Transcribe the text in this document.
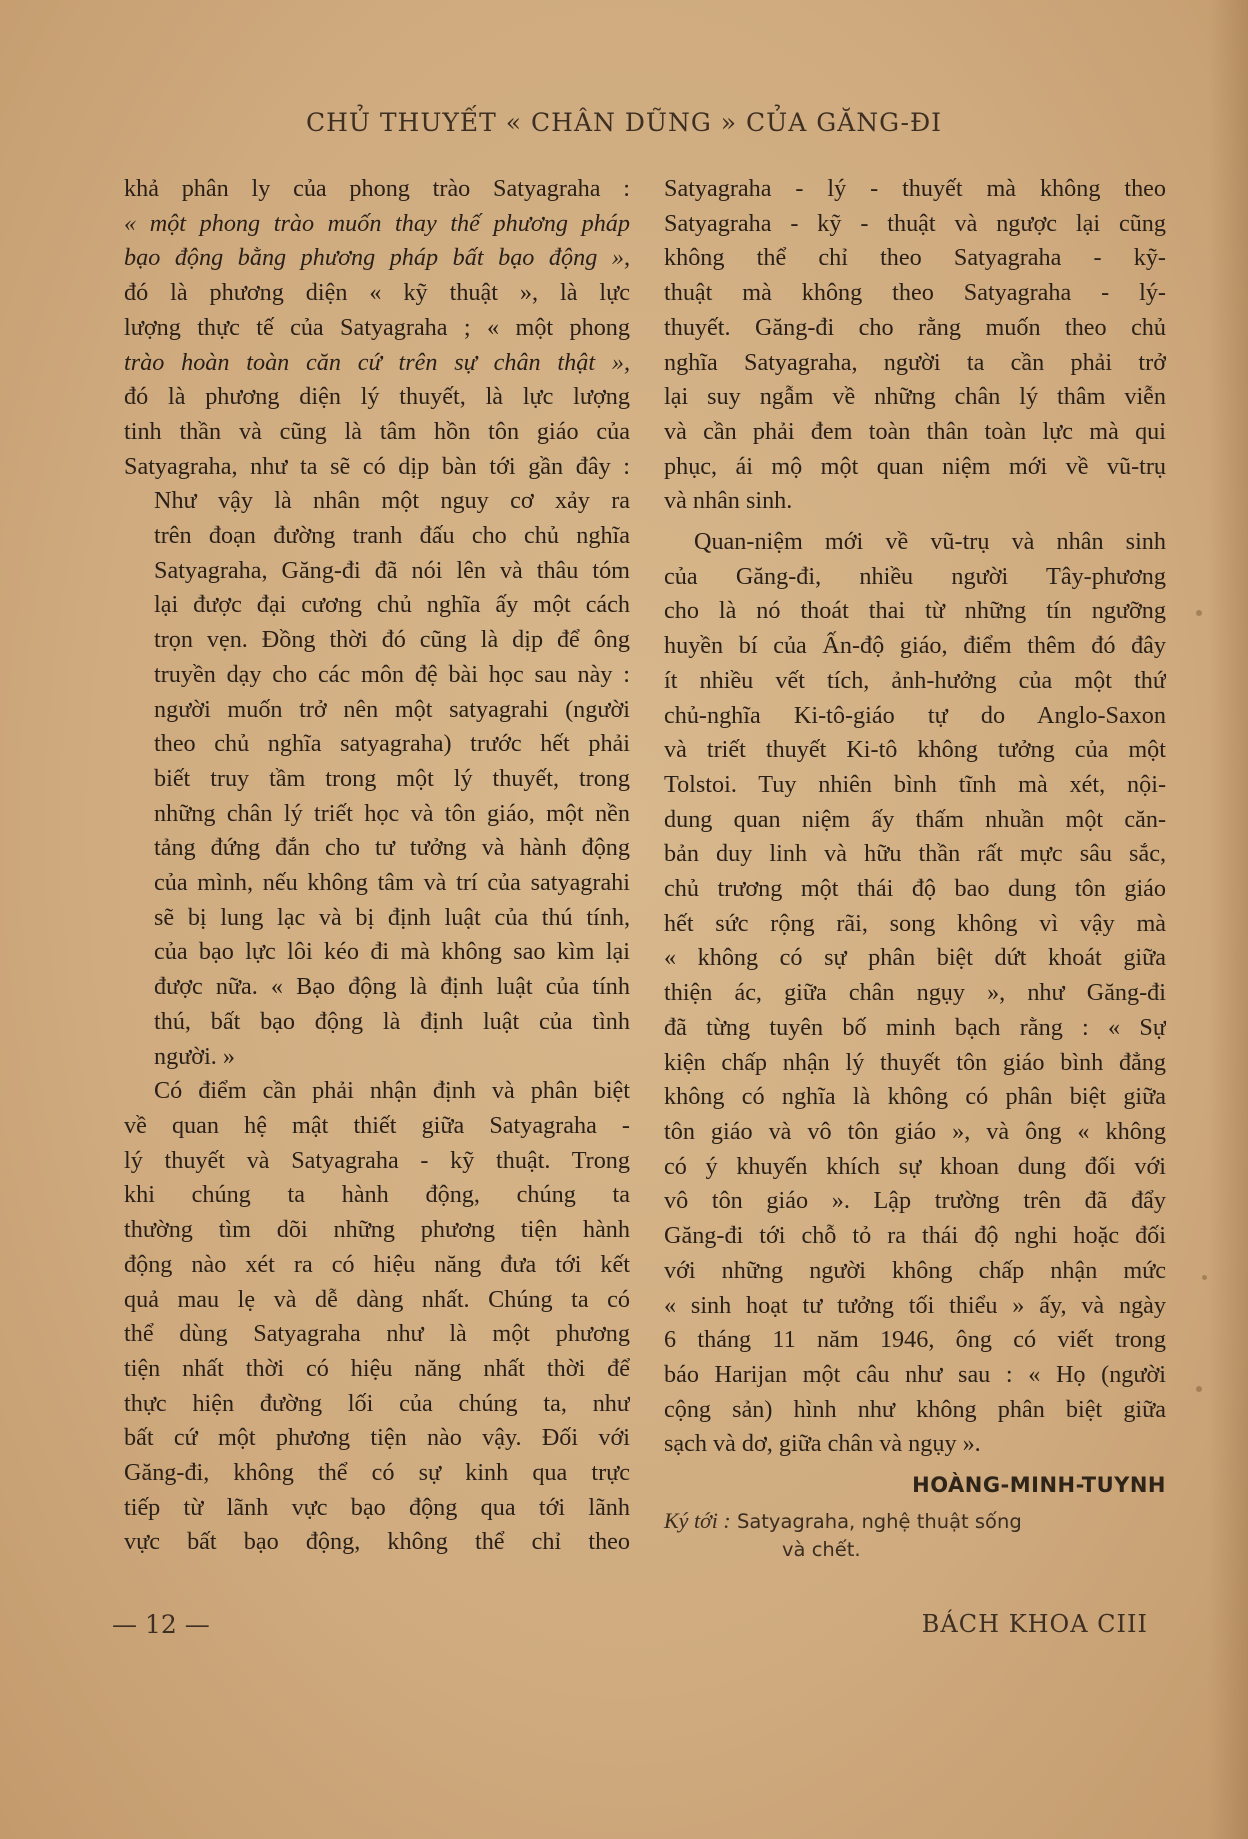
CHỦ THUYẾT « CHÂN DŨNG » CỦA GĂNG-ĐI

khả phân ly của phong trào Satyagraha :
« một phong trào muốn thay thế phương pháp
bạo động bằng phương pháp bất bạo động »,
đó là phương diện « kỹ thuật », là lực
lượng thực tế của Satyagraha ; « một phong
trào hoàn toàn căn cứ trên sự chân thật »,
đó là phương diện lý thuyết, là lực lượng
tinh thần và cũng là tâm hồn tôn giáo của
Satyagraha, như ta sẽ có dịp bàn tới gần đây :

Như vậy là nhân một nguy cơ xảy ra
trên đoạn đường tranh đấu cho chủ nghĩa
Satyagraha, Găng-đi đã nói lên và thâu tóm
lại được đại cương chủ nghĩa ấy một cách
trọn vẹn. Đồng thời đó cũng là dịp để ông
truyền dạy cho các môn đệ bài học sau này :
người muốn trở nên một satyagrahi (người
theo chủ nghĩa satyagraha) trước hết phải
biết truy tầm trong một lý thuyết, trong
những chân lý triết học và tôn giáo, một nền
tảng đứng đắn cho tư tưởng và hành động
của mình, nếu không tâm và trí của satyagrahi
sẽ bị lung lạc và bị định luật của thú tính,
của bạo lực lôi kéo đi mà không sao kìm lại
được nữa. « Bạo động là định luật của tính
thú, bất bạo động là định luật của tình
người. »

Có điểm cần phải nhận định và phân biệt
về quan hệ mật thiết giữa Satyagraha -
lý thuyết và Satyagraha - kỹ thuật. Trong
khi chúng ta hành động, chúng ta
thường tìm dõi những phương tiện hành
động nào xét ra có hiệu năng đưa tới kết
quả mau lẹ và dễ dàng nhất. Chúng ta có
thể dùng Satyagraha như là một phương
tiện nhất thời có hiệu năng nhất thời để
thực hiện đường lối của chúng ta, như
bất cứ một phương tiện nào vậy. Đối với
Găng-đi, không thể có sự kinh qua trực
tiếp từ lãnh vực bạo động qua tới lãnh
vực bất bạo động, không thể chỉ theo

Satyagraha - lý - thuyết mà không theo
Satyagraha - kỹ - thuật và ngược lại cũng
không thể chỉ theo Satyagraha - kỹ-
thuật mà không theo Satyagraha - lý-
thuyết. Găng-đi cho rằng muốn theo chủ
nghĩa Satyagraha, người ta cần phải trở
lại suy ngẫm về những chân lý thâm viễn
và cần phải đem toàn thân toàn lực mà qui
phục, ái mộ một quan niệm mới về vũ-trụ
và nhân sinh.

Quan-niệm mới về vũ-trụ và nhân sinh
của Găng-đi, nhiều người Tây-phương
cho là nó thoát thai từ những tín ngưỡng
huyền bí của Ấn-độ giáo, điểm thêm đó đây
ít nhiều vết tích, ảnh-hưởng của một thứ
chủ-nghĩa Ki-tô-giáo tự do Anglo-Saxon
và triết thuyết Ki-tô không tưởng của một
Tolstoi. Tuy nhiên bình tĩnh mà xét, nội-
dung quan niệm ấy thấm nhuần một căn-
bản duy linh và hữu thần rất mực sâu sắc,
chủ trương một thái độ bao dung tôn giáo
hết sức rộng rãi, song không vì vậy mà
« không có sự phân biệt dứt khoát giữa
thiện ác, giữa chân ngụy », như Găng-đi
đã từng tuyên bố minh bạch rằng : « Sự
kiện chấp nhận lý thuyết tôn giáo bình đẳng
không có nghĩa là không có phân biệt giữa
tôn giáo và vô tôn giáo », và ông « không
có ý khuyến khích sự khoan dung đối với
vô tôn giáo ». Lập trường trên đã đẩy
Găng-đi tới chỗ tỏ ra thái độ nghi hoặc đối
với những người không chấp nhận mức
« sinh hoạt tư tưởng tối thiểu » ấy, và ngày
6 tháng 11 năm 1946, ông có viết trong
báo Harijan một câu như sau : « Họ (người
cộng sản) hình như không phân biệt giữa
sạch và dơ, giữa chân và ngụy ».

HOÀNG-MINH-TUYNH
Ký tới : Satyagraha, nghệ thuật sống
và chết.
— 12 —	BÁCH KHOA CIII
